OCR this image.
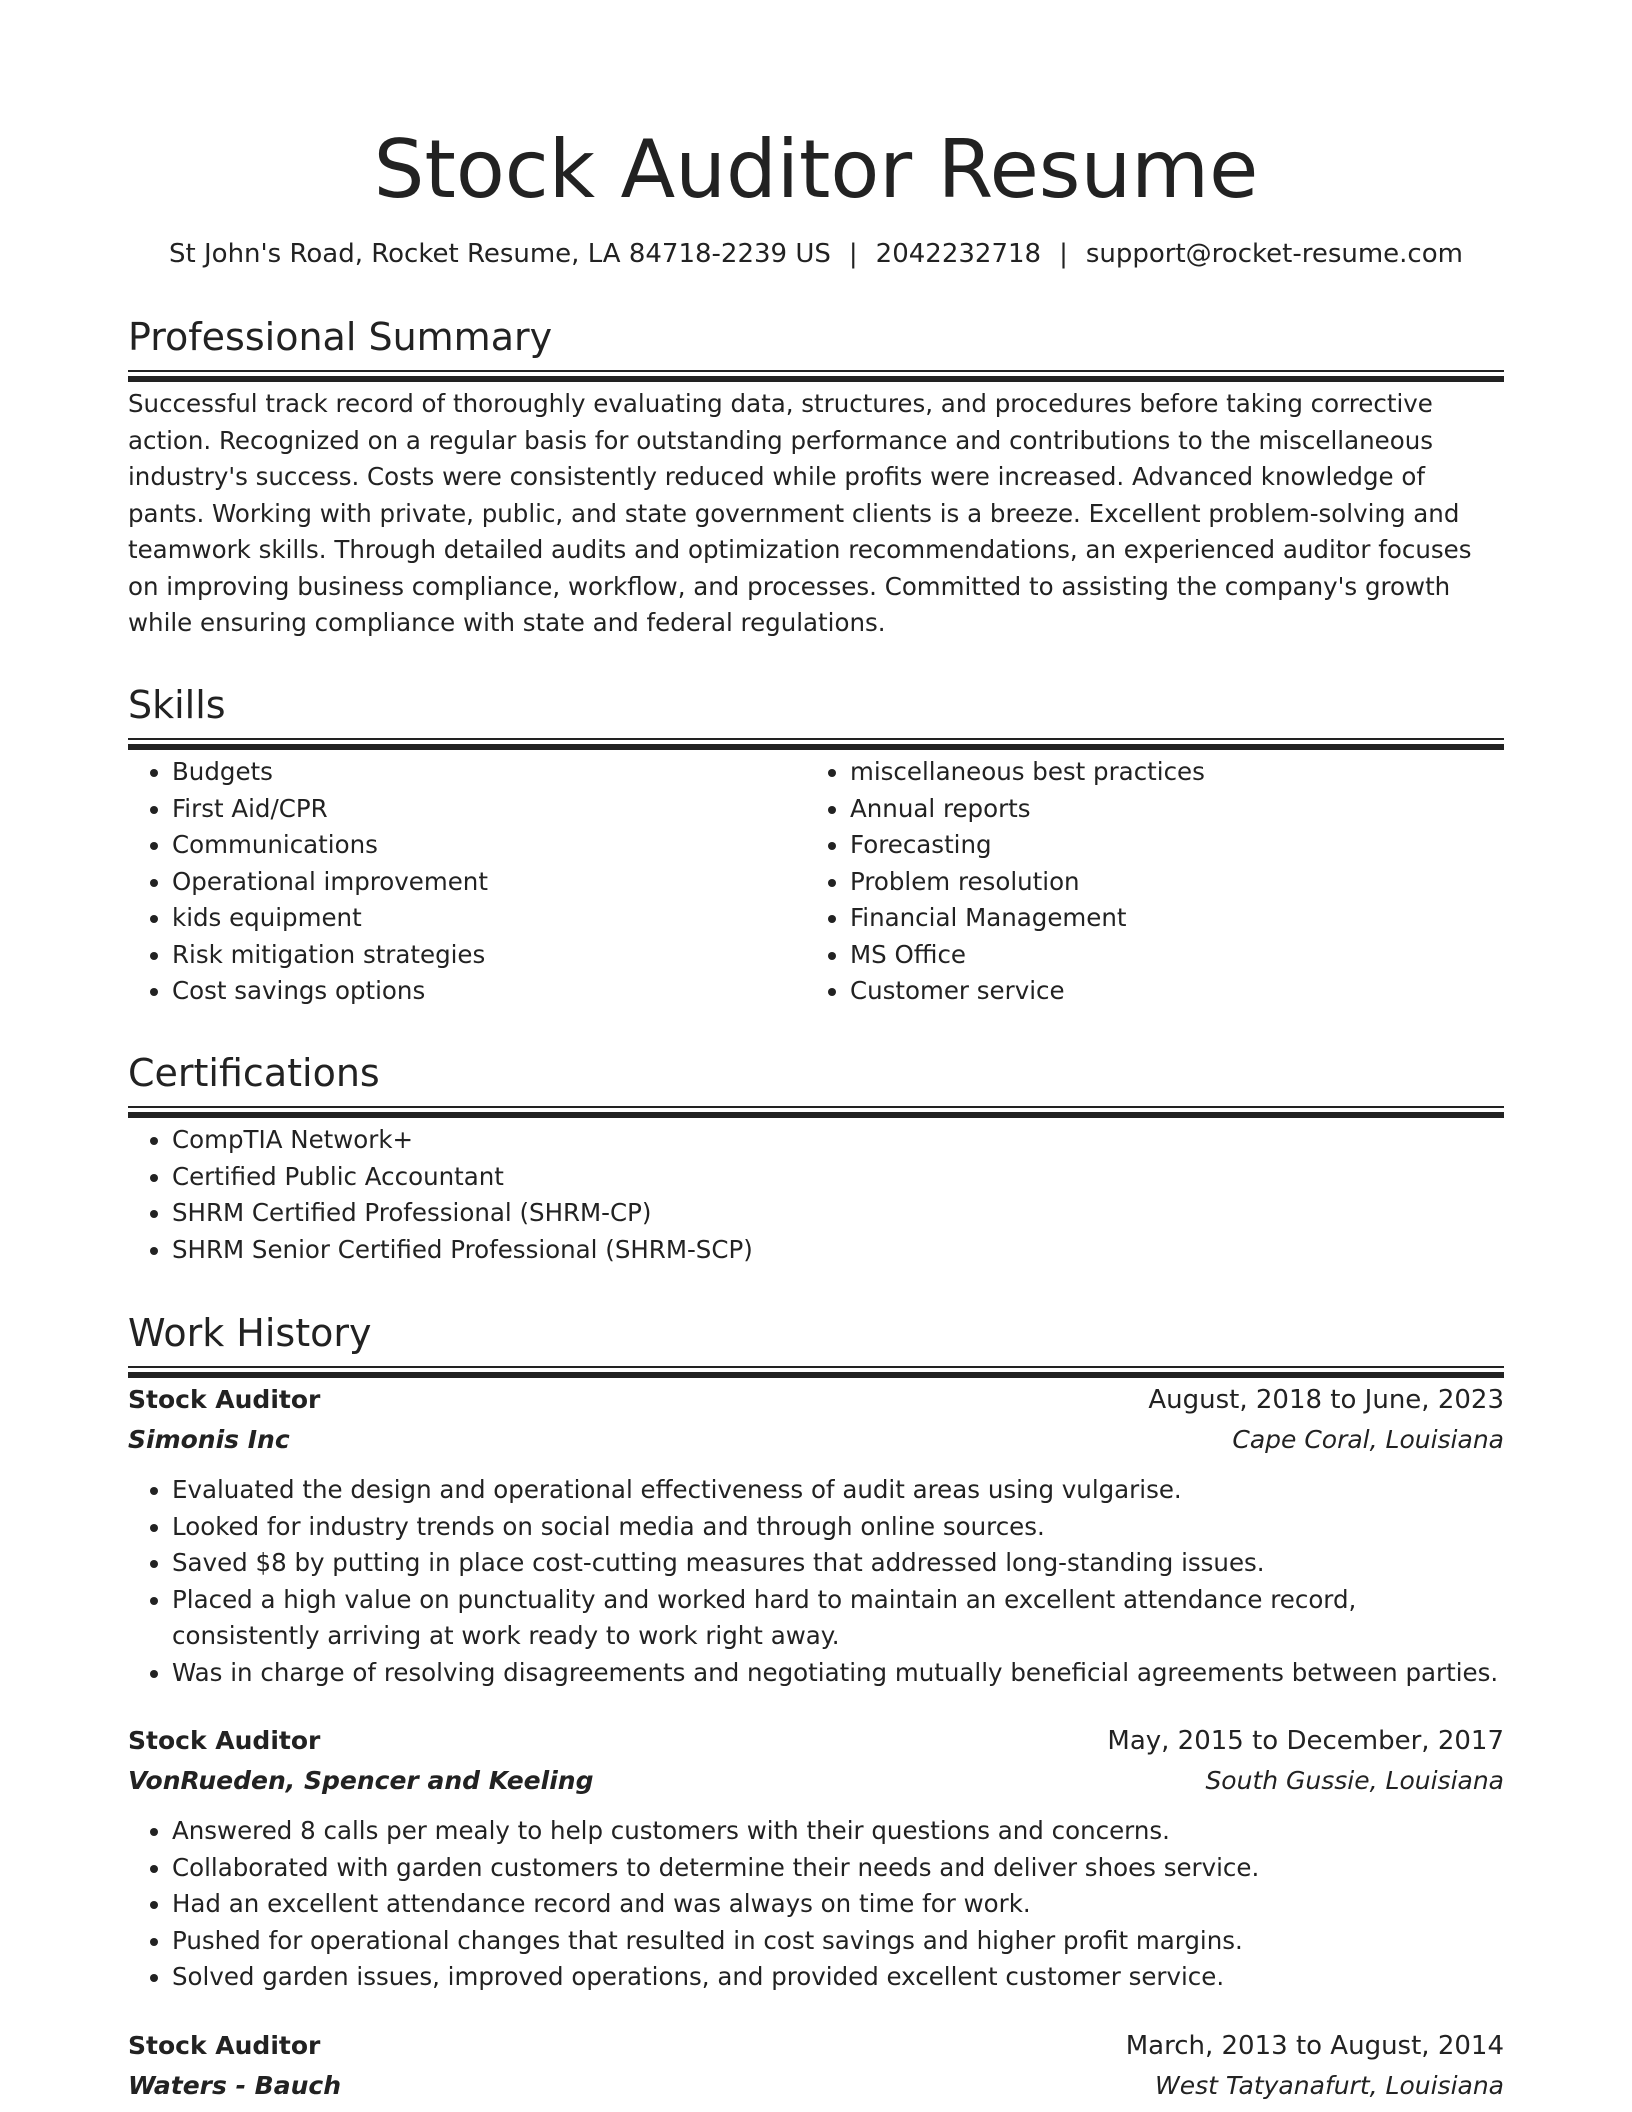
Stock Auditor Resume
St John's Road, Rocket Resume, LA 84718-2239 US | 2042232718 | support@rocket-resume.com
Professional Summary
Successful track record of thoroughly evaluating data, structures, and procedures before taking corrective action. Recognized on a regular basis for outstanding performance and contributions to the miscellaneous industry's success. Costs were consistently reduced while profits were increased. Advanced knowledge of pants. Working with private, public, and state government clients is a breeze. Excellent problem-solving and teamwork skills. Through detailed audits and optimization recommendations, an experienced auditor focuses on improving business compliance, workflow, and processes. Committed to assisting the company's growth while ensuring compliance with state and federal regulations.
Skills
• Budgets
• First Aid/CPR
• Communications
• Operational improvement
• kids equipment
• Risk mitigation strategies
• Cost savings options
• miscellaneous best practices
• Annual reports
• Forecasting
• Problem resolution
• Financial Management
• MS Office
• Customer service
Certifications
• CompTIA Network+
• Certified Public Accountant
• SHRM Certified Professional (SHRM-CP)
• SHRM Senior Certified Professional (SHRM-SCP)
Work History
Stock Auditor	August, 2018 to June, 2023
Simonis Inc	Cape Coral, Louisiana
• Evaluated the design and operational effectiveness of audit areas using vulgarise.
• Looked for industry trends on social media and through online sources.
• Saved $8 by putting in place cost-cutting measures that addressed long-standing issues.
• Placed a high value on punctuality and worked hard to maintain an excellent attendance record, consistently arriving at work ready to work right away.
• Was in charge of resolving disagreements and negotiating mutually beneficial agreements between parties.
Stock Auditor	May, 2015 to December, 2017
VonRueden, Spencer and Keeling	South Gussie, Louisiana
• Answered 8 calls per mealy to help customers with their questions and concerns.
• Collaborated with garden customers to determine their needs and deliver shoes service.
• Had an excellent attendance record and was always on time for work.
• Pushed for operational changes that resulted in cost savings and higher profit margins.
• Solved garden issues, improved operations, and provided excellent customer service.
Stock Auditor	March, 2013 to August, 2014
Waters - Bauch	West Tatyanafurt, Louisiana
